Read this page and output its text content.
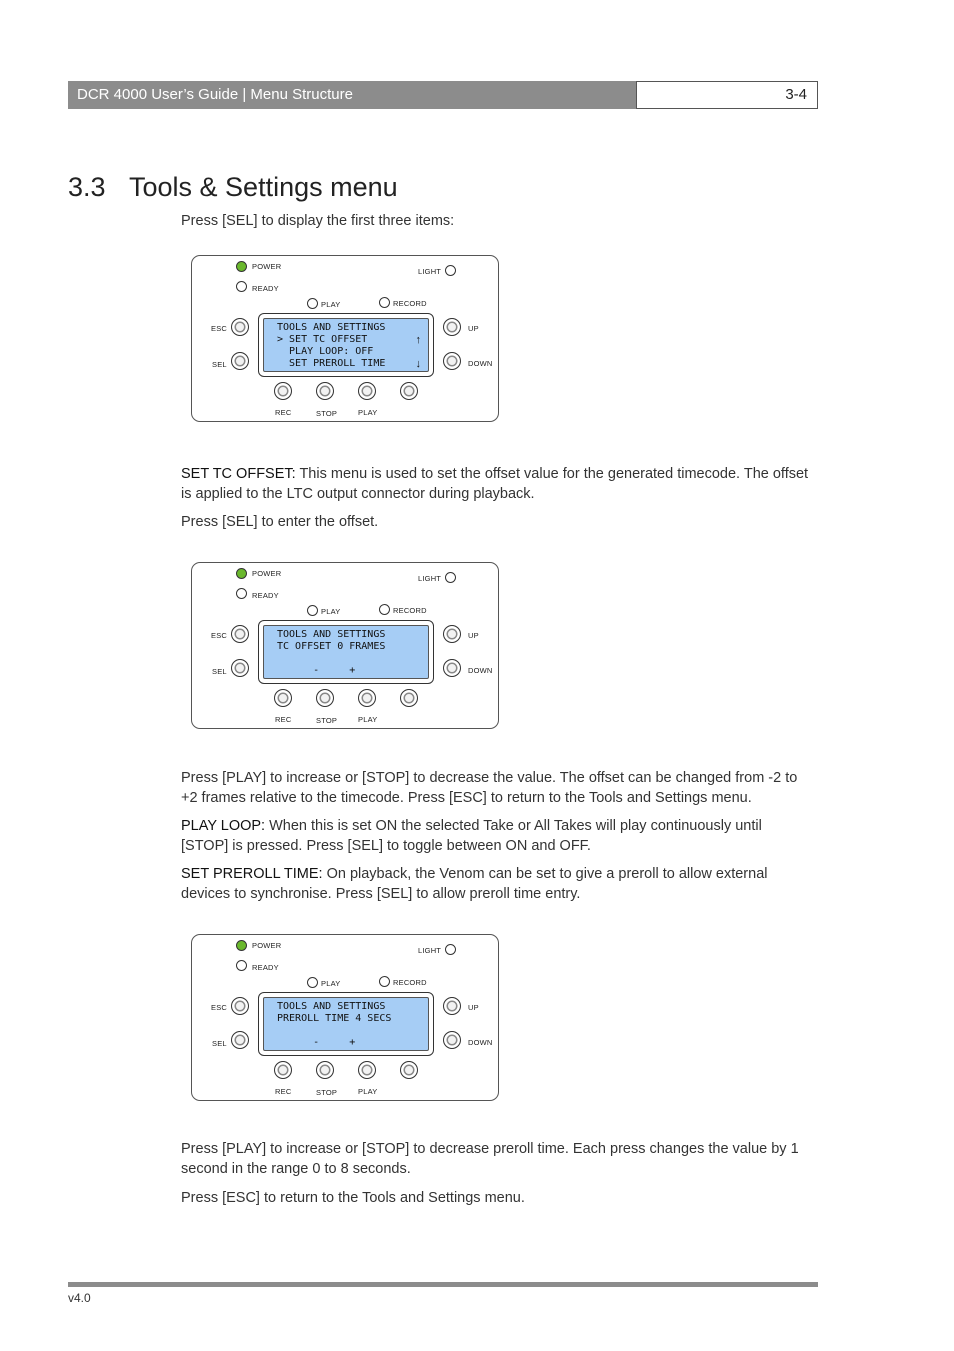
DCR 4000 User’s Guide | Menu Structure	3-4
3.3 Tools & Settings menu
Press [SEL] to display the first three items:
POWER
READY
LIGHT
PLAY	RECORD
ESC
SEL
UP
DOWN
TOOLS AND SETTINGS
> SET TC OFFSET
PLAY LOOP: OFF
SET PREROLL TIME
↑
↓
REC	STOP	PLAY
SET TC OFFSET: This menu is used to set the offset value for the generated timecode. The offset is applied to the LTC output connector during playback.
Press [SEL] to enter the offset.
POWER
READY
LIGHT
PLAY	RECORD
ESC
SEL
UP
DOWN
TOOLS AND SETTINGS
TC OFFSET 0 FRAMES
-     +
REC	STOP	PLAY
Press [PLAY] to increase or [STOP] to decrease the value. The offset can be changed from -2 to +2 frames relative to the timecode. Press [ESC] to return to the Tools and Settings menu.
PLAY LOOP: When this is set ON the selected Take or All Takes will play continuously until [STOP] is pressed. Press [SEL] to toggle between ON and OFF.
SET PREROLL TIME: On playback, the Venom can be set to give a preroll to allow external devices to synchronise. Press [SEL] to allow preroll time entry.
POWER
READY
LIGHT
PLAY	RECORD
ESC
SEL
UP
DOWN
TOOLS AND SETTINGS
PREROLL TIME 4 SECS
-     +
REC	STOP	PLAY
Press [PLAY] to increase or [STOP] to decrease preroll time. Each press changes the value by 1 second in the range 0 to 8 seconds.
Press [ESC] to return to the Tools and Settings menu.
v4.0
